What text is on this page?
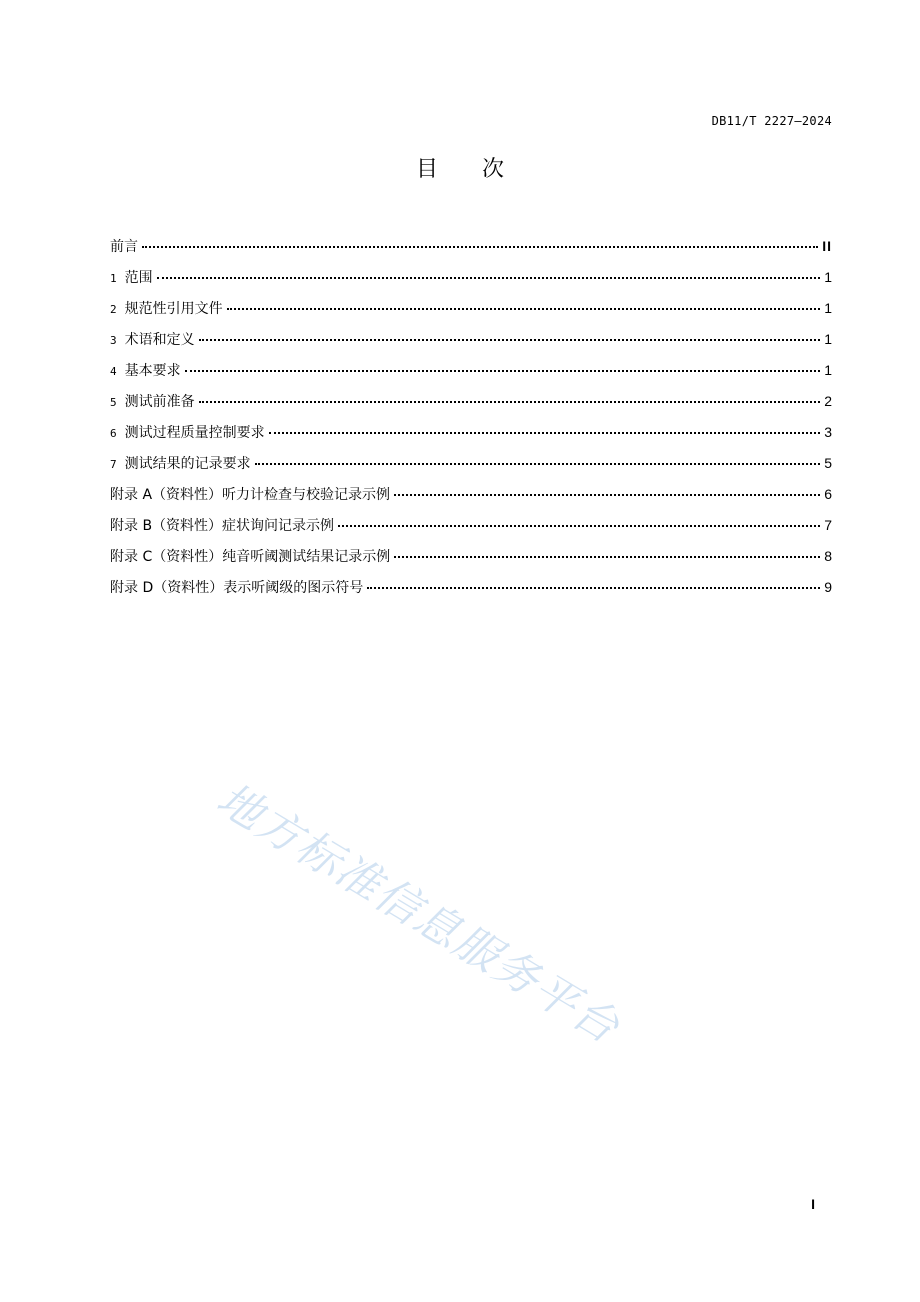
DB11/T 2227—2024
目次
前言	II
1 范围	1
2 规范性引用文件	1
3 术语和定义	1
4 基本要求	1
5 测试前准备	2
6 测试过程质量控制要求	3
7 测试结果的记录要求	5
附录 A（资料性）听力计检查与校验记录示例	6
附录 B（资料性）症状询问记录示例	7
附录 C（资料性）纯音听阈测试结果记录示例	8
附录 D（资料性）表示听阈级的图示符号	9
地方标准信息服务平台
I
